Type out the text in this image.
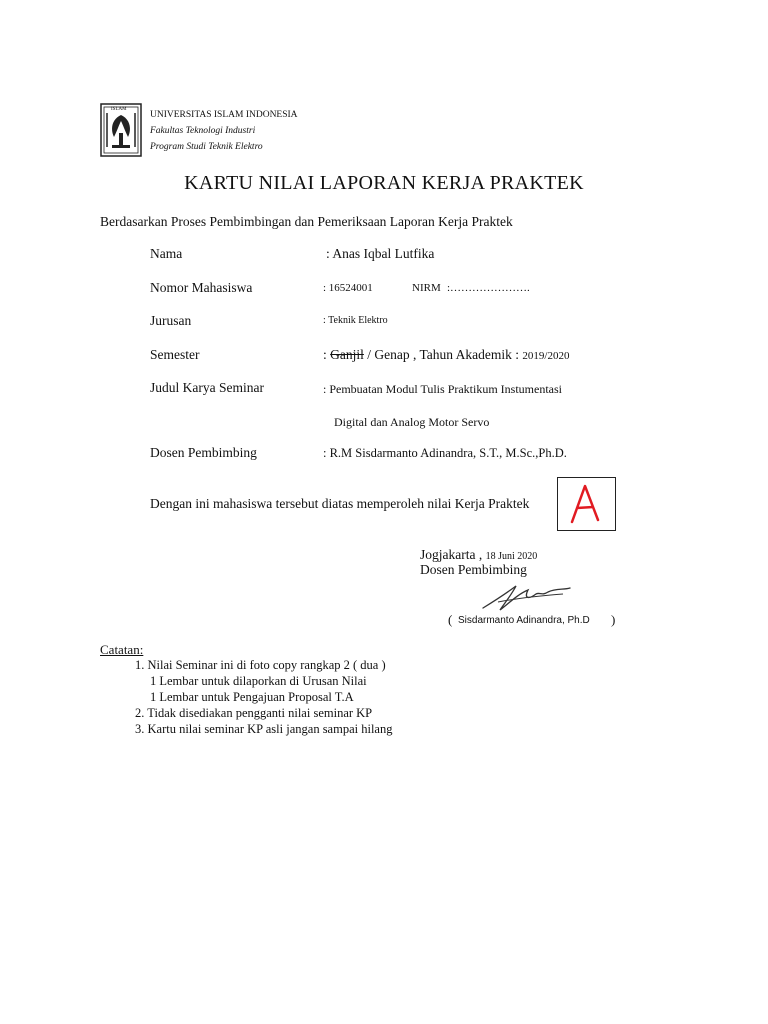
ISLAM
UNIVERSITAS ISLAM INDONESIA
Fakultas Teknologi Industri
Program Studi Teknik Elektro
KARTU NILAI LAPORAN KERJA PRAKTEK
Berdasarkan Proses Pembimbingan dan Pemeriksaan Laporan Kerja Praktek
Nama	: Anas Iqbal Lutfika
Nomor Mahasiswa	: 16524001	NIRM :………………….
Jurusan	: Teknik Elektro
Semester	: Ganjil / Genap , Tahun Akademik : 2019/2020
Judul Karya Seminar	: Pembuatan Modul Tulis Praktikum Instumentasi
Digital dan Analog Motor Servo
Dosen Pembimbing	: R.M Sisdarmanto Adinandra, S.T., M.Sc.,Ph.D.
Dengan ini mahasiswa tersebut diatas memperoleh nilai Kerja Praktek
Jogjakarta , 18 Juni 2020
Dosen Pembimbing
( Sisdarmanto Adinandra, Ph.D )
Catatan:
1. Nilai Seminar ini di foto copy rangkap 2 ( dua )
1 Lembar untuk dilaporkan di Urusan Nilai
1 Lembar untuk Pengajuan Proposal T.A
2. Tidak disediakan pengganti nilai seminar KP
3. Kartu nilai seminar KP asli jangan sampai hilang
